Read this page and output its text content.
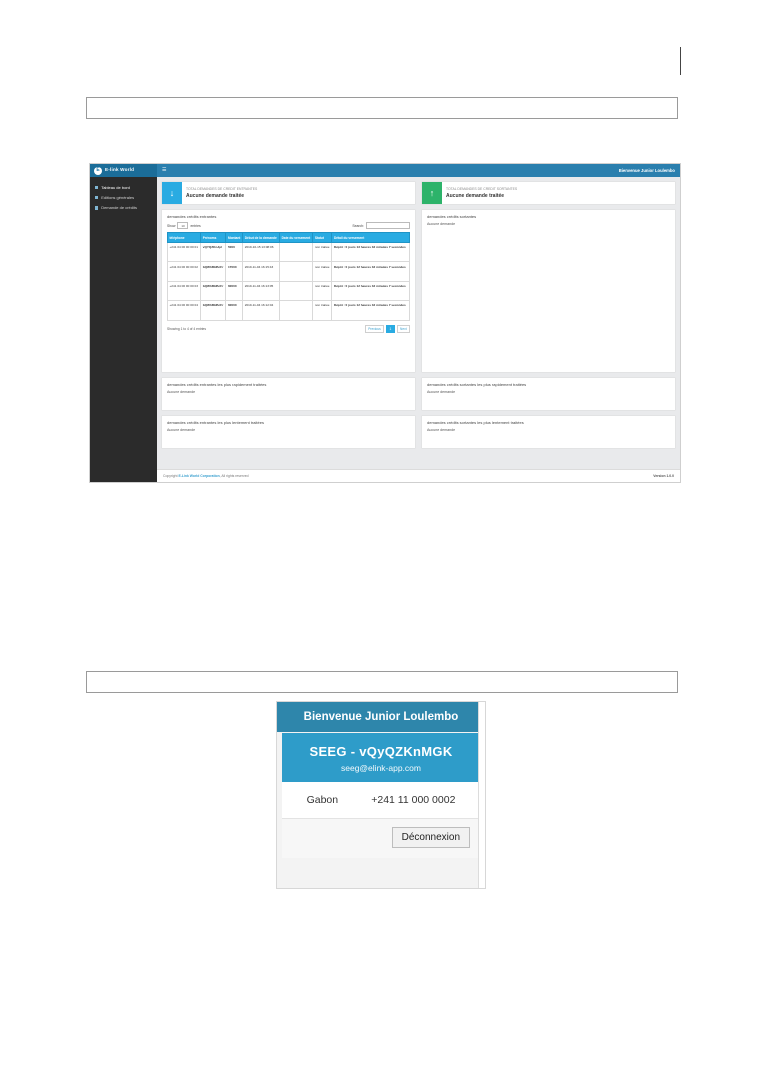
E E-link World	☰	Bienvenue Junior Loulembo
Tableau de bord
Editions générales
Demande de crédits
↓	TOTAL DEMANDES DE CREDIT ENTRANTES
Aucune demande traitée	↑	TOTAL DEMANDES DE CREDIT SORTANTES
Aucune demande traitée
demandes crédits entrantes
Show	10	entries	Search:
téléphone	Prénoms	Montant	Début de la demande	Date du versement	Statut	Détail du versement
+241 04 00 00 00 01	vQYQZKnJpl	5000	2019-10-15 13:08:06		non traitée	Dépôt : 0 jours 13 heures 32 minutes 7 secondes
+241 04 00 00 00 02	bQWhBHBcFr	17000	2019-11-04 16:15:43		non traitée	Dépôt : 0 jours 12 heures 32 minutes 7 secondes
+241 04 00 00 00 03	bQWhBHBcFr	60000	2019-11-04 16:13:05		non traitée	Dépôt : 0 jours 12 heures 32 minutes 7 secondes
+241 04 00 00 00 04	bQWhBHBcFr	60000	2019-11-04 16:12:04		non traitée	Dépôt : 0 jours 12 heures 32 minutes 7 secondes
Showing 1 to 4 of 4 entries	Previous	1	Next
demandes crédits entrantes les plus rapidement traitées
Aucune demande
demandes crédits entrantes les plus lentement traitées
Aucune demande
demandes crédits sortantes
Aucune demande
demandes crédits sortantes les plus rapidement traitées
Aucune demande
demandes crédits sortantes les plus lentement traitées
Aucune demande
Copyright E-Link World Corporation, All rights reserved	Version 1.0.0
Bienvenue Junior Loulembo
SEEG - vQyQZKnMGK
seeg@elink-app.com
Gabon	+241 11 000 0002
Déconnexion
